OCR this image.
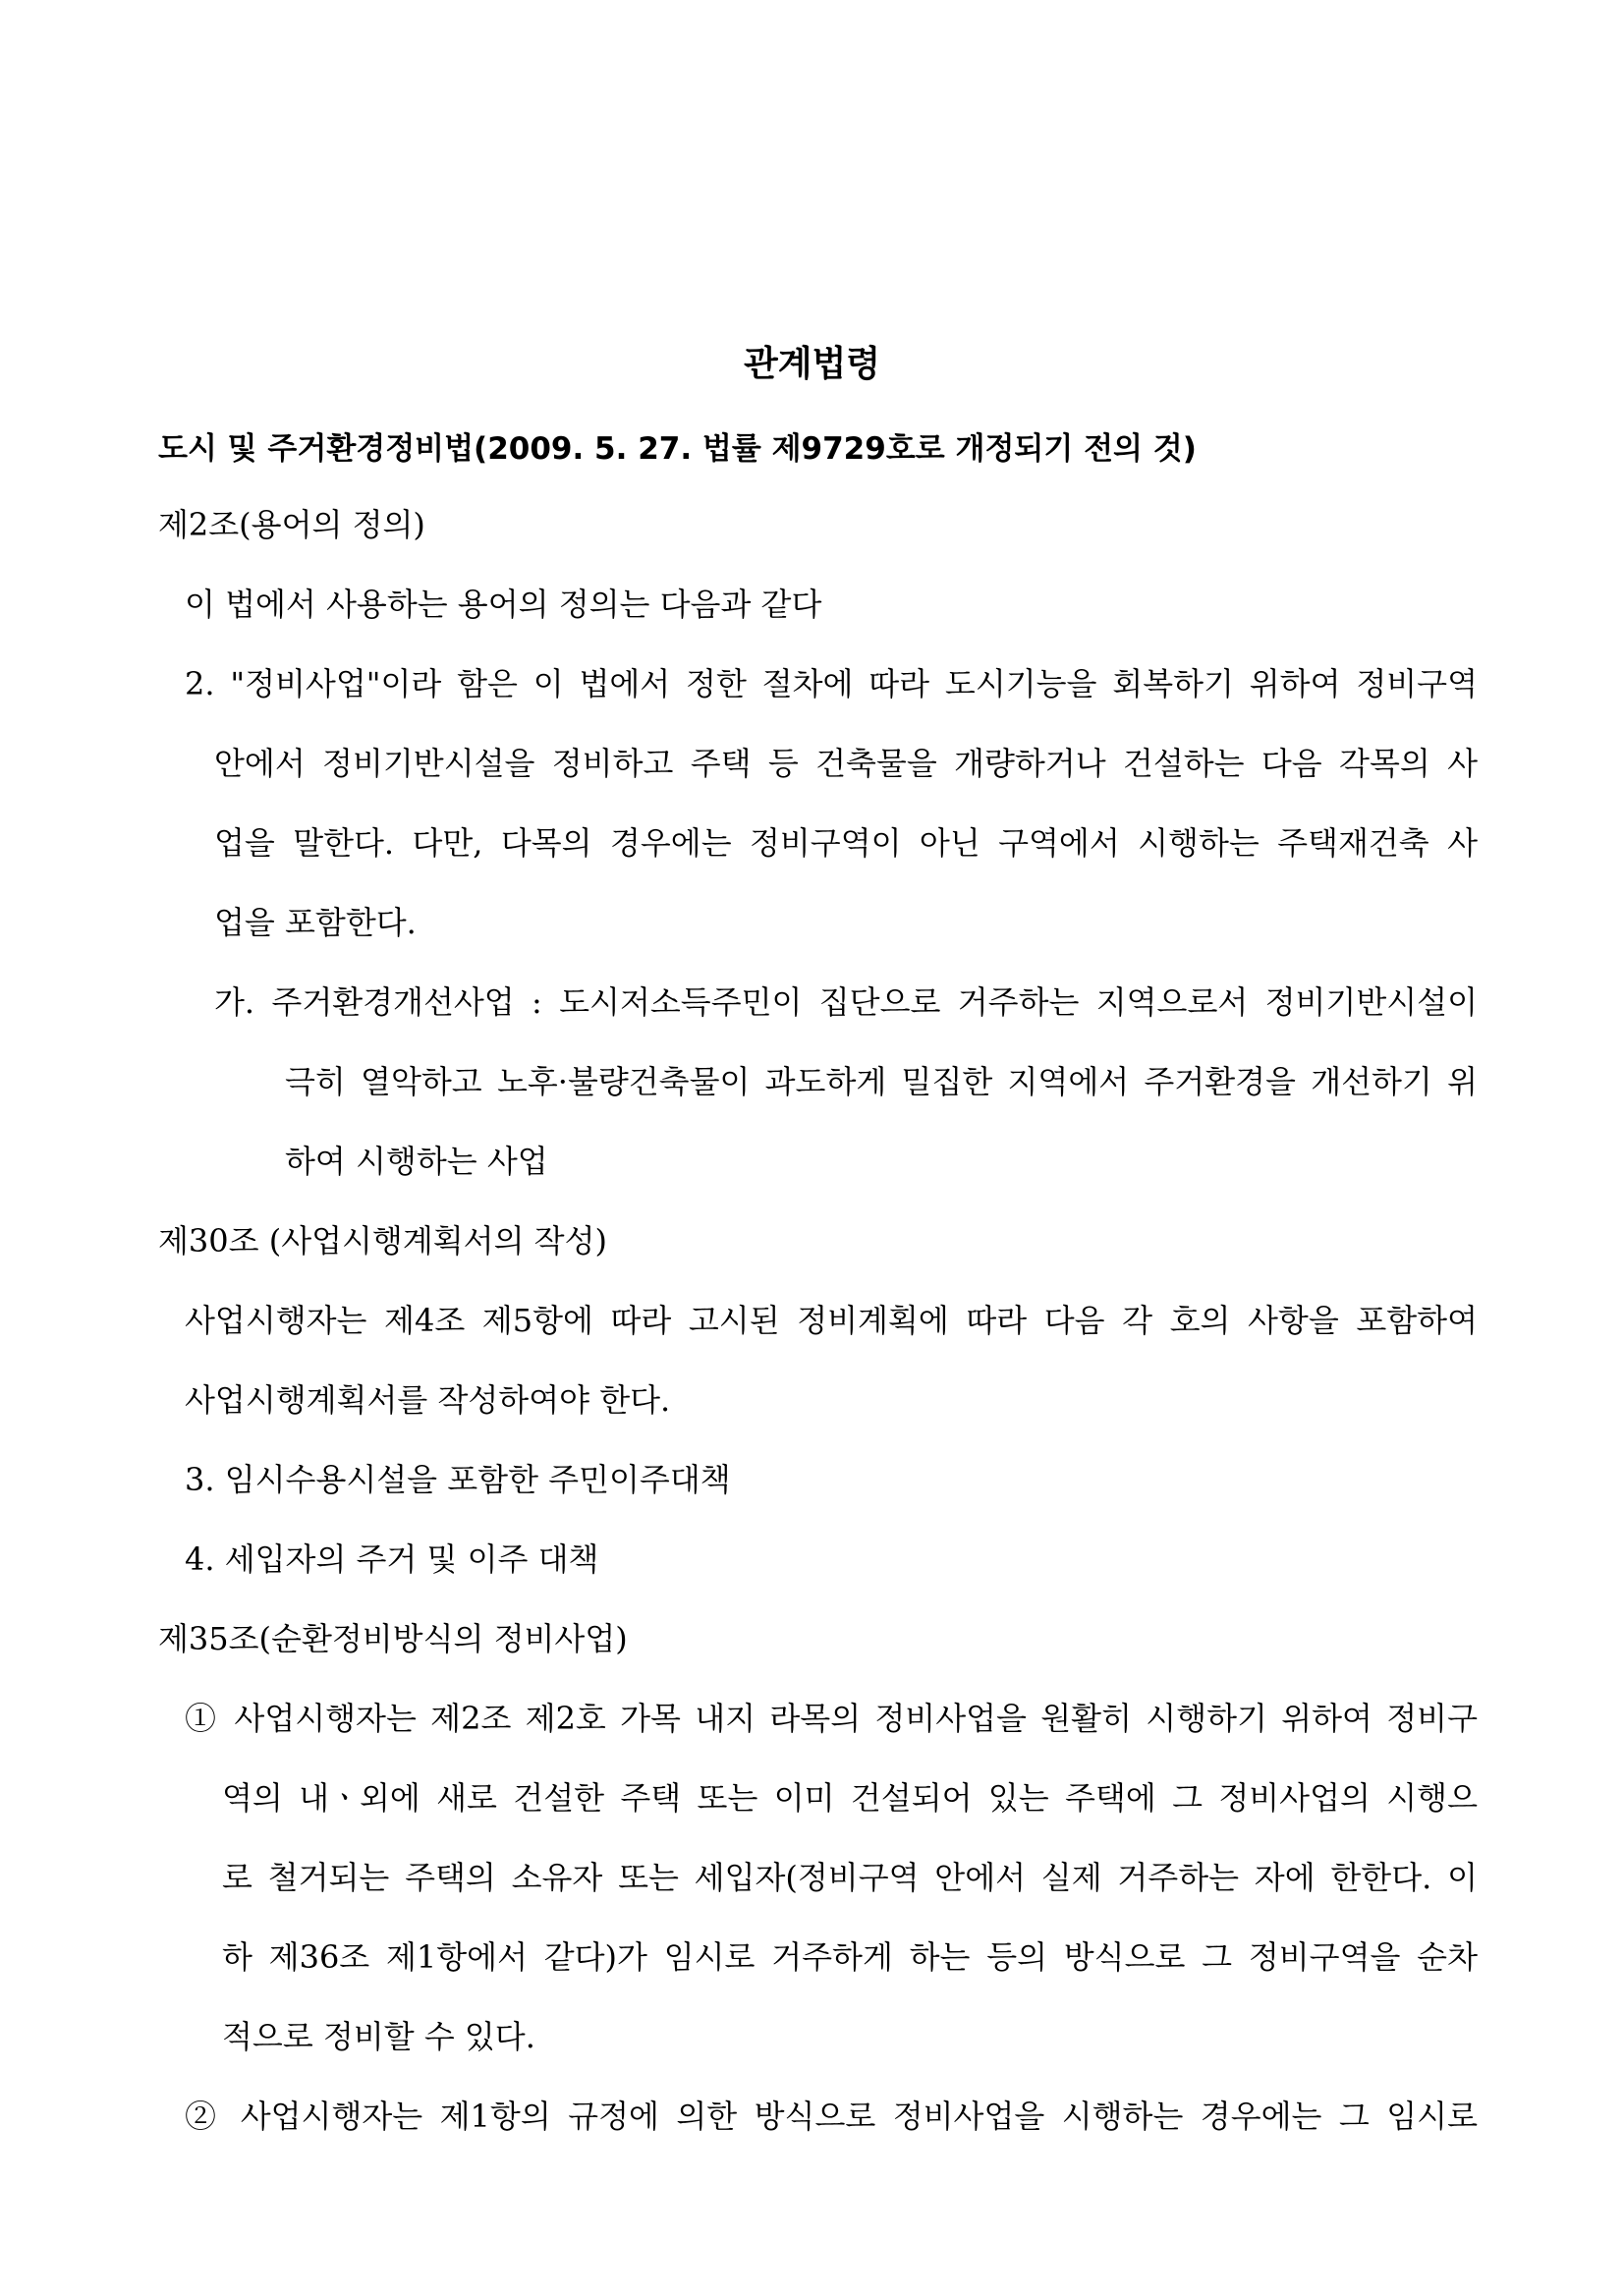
관계법령
도시 및 주거환경정비법(2009. 5. 27. 법률 제9729호로 개정되기 전의 것)
제2조(용어의 정의)
이 법에서 사용하는 용어의 정의는 다음과 같다
2. "정비사업"이라 함은 이 법에서 정한 절차에 따라 도시기능을 회복하기 위하여 정비구역
안에서 정비기반시설을 정비하고 주택 등 건축물을 개량하거나 건설하는 다음 각목의 사
업을 말한다. 다만, 다목의 경우에는 정비구역이 아닌 구역에서 시행하는 주택재건축 사
업을 포함한다.
가. 주거환경개선사업 : 도시저소득주민이 집단으로 거주하는 지역으로서 정비기반시설이
극히 열악하고 노후·불량건축물이 과도하게 밀집한 지역에서 주거환경을 개선하기 위
하여 시행하는 사업
제30조 (사업시행계획서의 작성)
사업시행자는 제4조 제5항에 따라 고시된 정비계획에 따라 다음 각 호의 사항을 포함하여
사업시행계획서를 작성하여야 한다.
3. 임시수용시설을 포함한 주민이주대책
4. 세입자의 주거 및 이주 대책
제35조(순환정비방식의 정비사업)
① 사업시행자는 제2조 제2호 가목 내지 라목의 정비사업을 원활히 시행하기 위하여 정비구
역의 내ㆍ외에 새로 건설한 주택 또는 이미 건설되어 있는 주택에 그 정비사업의 시행으
로 철거되는 주택의 소유자 또는 세입자(정비구역 안에서 실제 거주하는 자에 한한다. 이
하 제36조 제1항에서 같다)가 임시로 거주하게 하는 등의 방식으로 그 정비구역을 순차
적으로 정비할 수 있다.
② 사업시행자는 제1항의 규정에 의한 방식으로 정비사업을 시행하는 경우에는 그 임시로
